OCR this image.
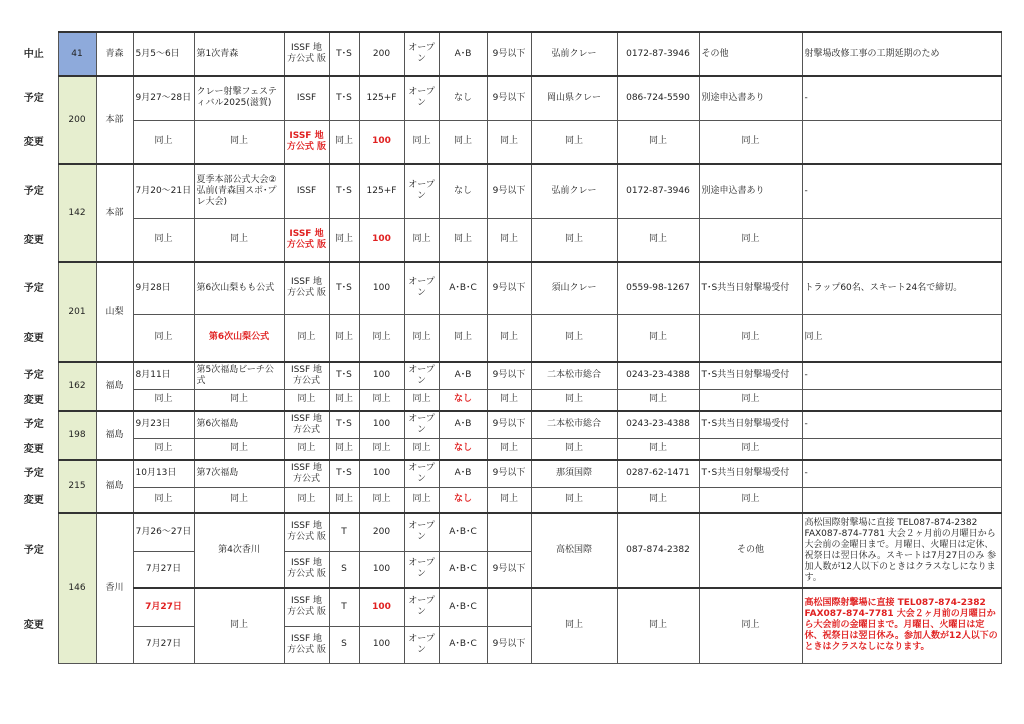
中止	41	青森	5月5～6日	第1次青森	ISSF 地方公式 版	T･S	200	オープン	A･B	9号以下	弘前クレー	0172-87-3946	その他	射撃場改修工事の工期延期のため
予定	200	本部	9月27～28日	クレー射撃フェスティバル2025(滋賀)	ISSF	T･S	125+F	オープン	なし	9号以下	岡山県クレー	086-724-5590	別途申込書あり	-
変更			同上	同上	ISSF 地方公式 版	同上	100	同上	同上	同上	同上	同上	同上	
予定	142	本部	7月20～21日	夏季本部公式大会② 弘前(青森国スポ･プレ大会)	ISSF	T･S	125+F	オープン	なし	9号以下	弘前クレー	0172-87-3946	別途申込書あり	-
変更			同上	同上	ISSF 地方公式 版	同上	100	同上	同上	同上	同上	同上	同上	
予定	201	山梨	9月28日	第6次山梨もも公式	ISSF 地方公式 版	T･S	100	オープン	A･B･C	9号以下	須山クレー	0559-98-1267	T･S共当日射撃場受付	トラップ60名、スキート24名で締切。
変更			同上	第6次山梨公式	同上	同上	同上	同上	同上	同上	同上	同上	同上	同上
予定	162	福島	8月11日	第5次福島ビーチ公式	ISSF 地方公式	T･S	100	オープン	A･B	9号以下	二本松市総合	0243-23-4388	T･S共当日射撃場受付	-
変更			同上	同上	同上	同上	同上	同上	なし	同上	同上	同上	同上	
予定	198	福島	9月23日	第6次福島	ISSF 地方公式	T･S	100	オープン	A･B	9号以下	二本松市総合	0243-23-4388	T･S共当日射撃場受付	-
変更			同上	同上	同上	同上	同上	同上	なし	同上	同上	同上	同上	
予定	215	福島	10月13日	第7次福島	ISSF 地方公式	T･S	100	オープン	A･B	9号以下	那須国際	0287-62-1471	T･S共当日射撃場受付	-
変更			同上	同上	同上	同上	同上	同上	なし	同上	同上	同上	同上	
予定	146	香川	7月26～27日	第4次香川	ISSF 地方公式 版	T	200	オープン	A･B･C		高松国際	087-874-2382	その他	高松国際射撃場に直接 TEL087-874-2382 FAX087-874-7781 大会２ヶ月前の月曜日から大会前の金曜日まで。月曜日、火曜日は定休、祝祭日は翌日休み。スキートは7月27日のみ 参加人数が12人以下のときはクラスなしになります。
			7月27日		ISSF 地方公式 版	S	100	オープン	A･B･C	9号以下				
変更			7月27日	同上	ISSF 地方公式 版	T	100	オープン	A･B･C		同上	同上	同上	高松国際射撃場に直接 TEL087-874-2382 FAX087-874-7781 大会２ヶ月前の月曜日から大会前の金曜日まで。月曜日、火曜日は定休、祝祭日は翌日休み。参加人数が12人以下のときはクラスなしになります。
			7月27日		ISSF 地方公式 版	S	100	オープン	A･B･C	9号以下				
